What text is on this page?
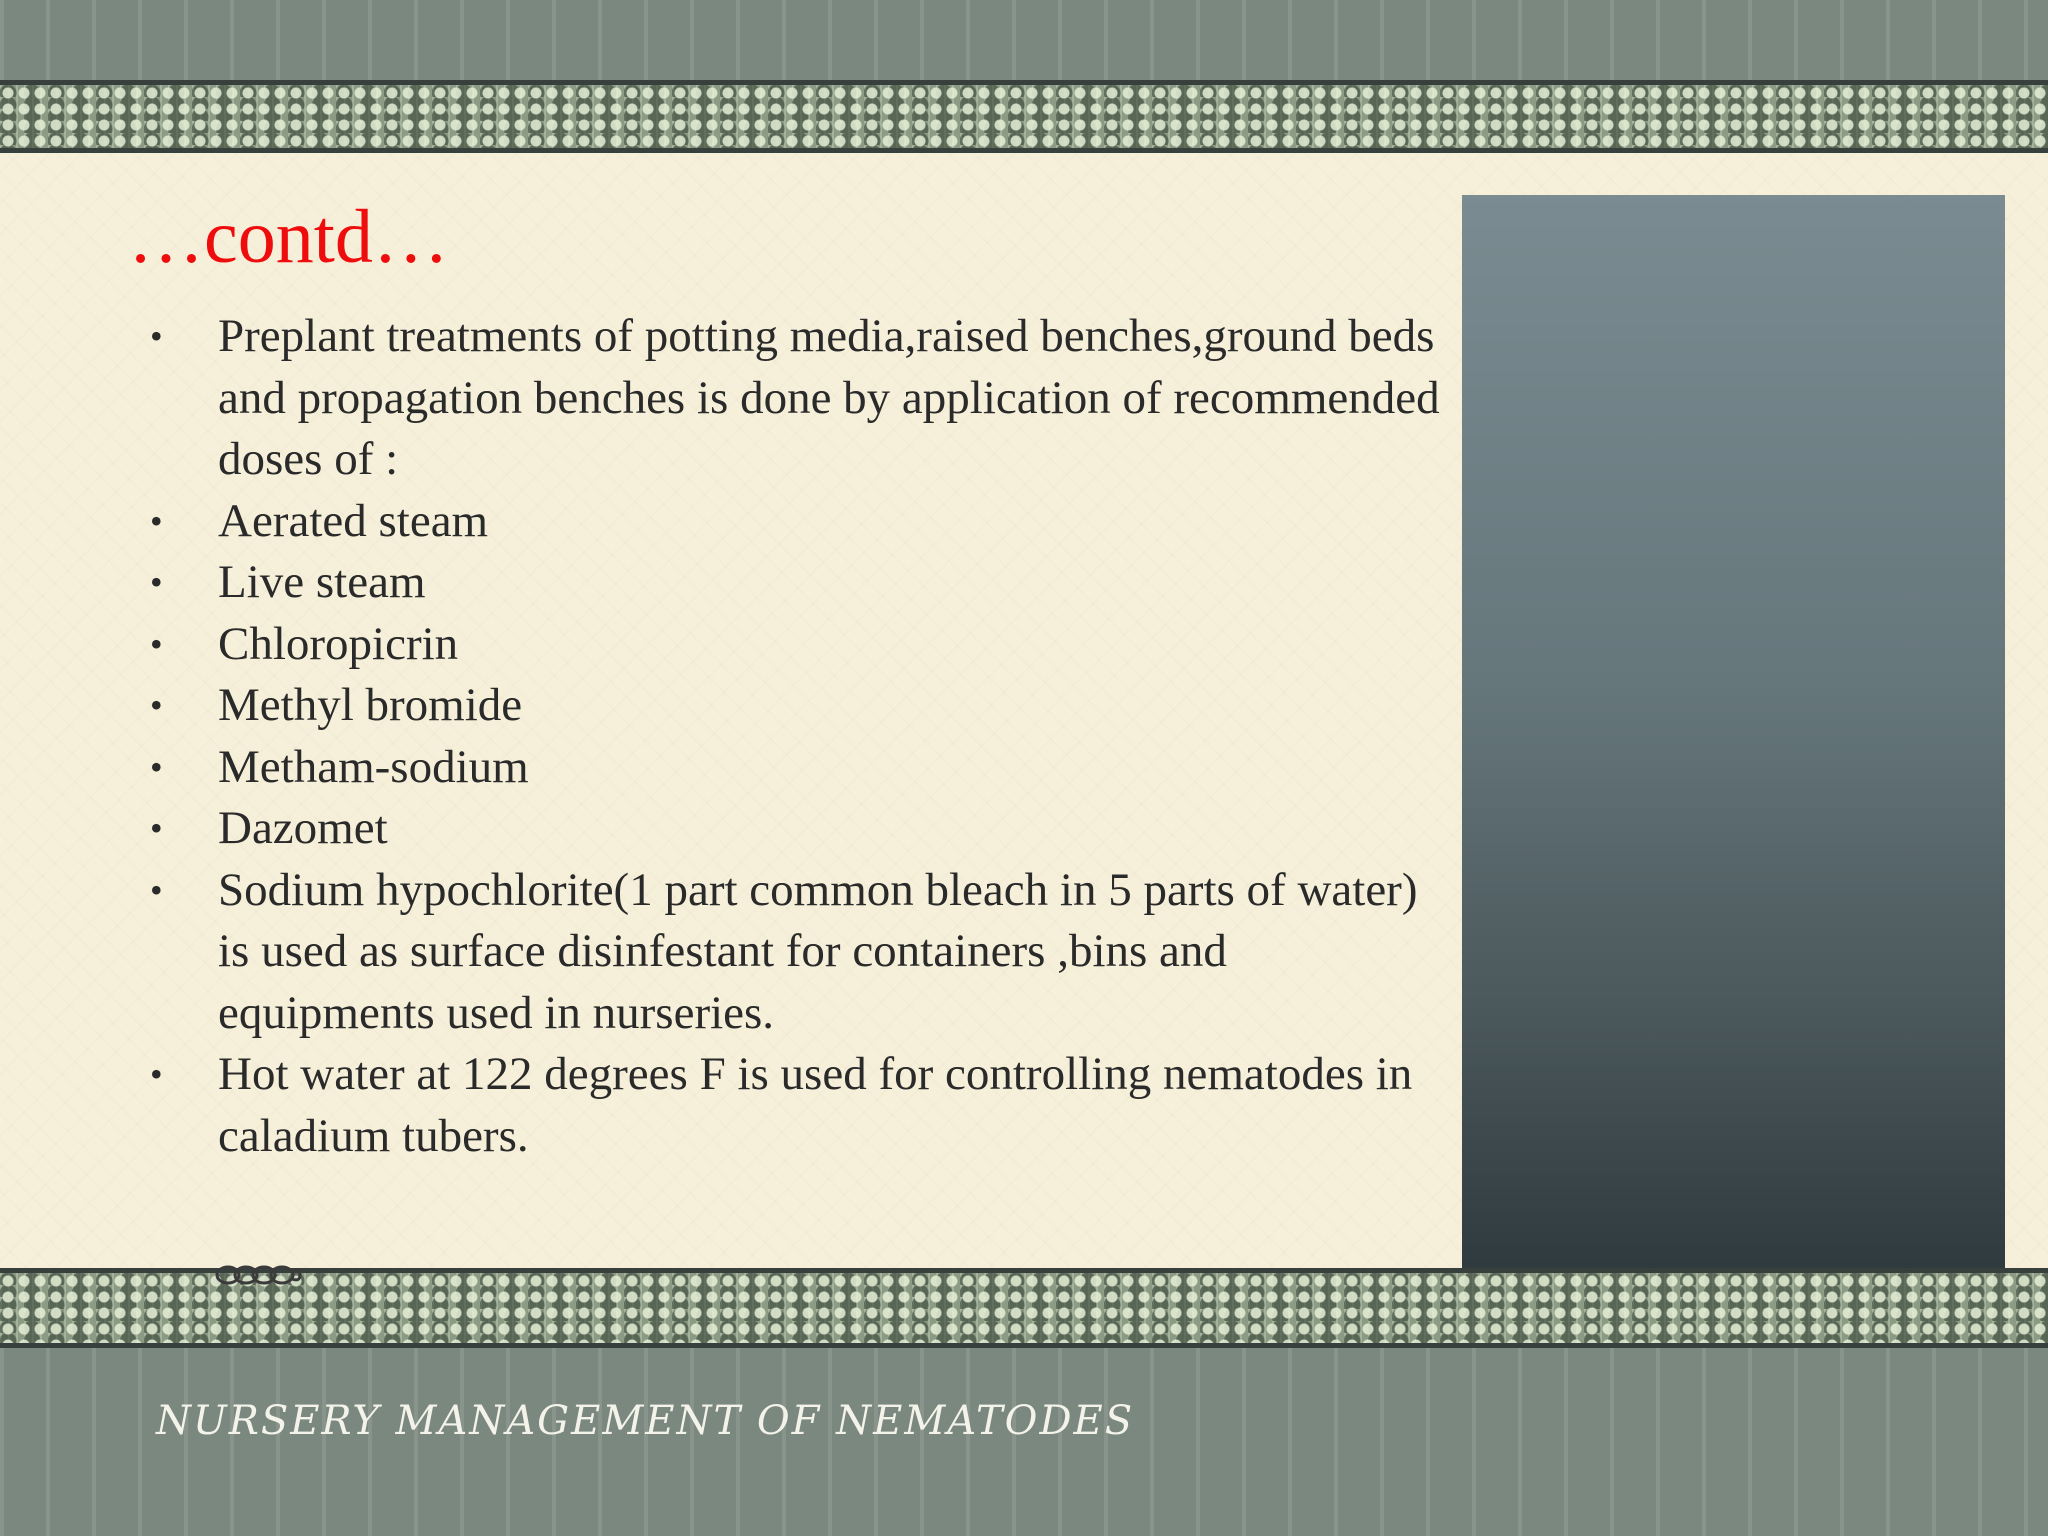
…contd…
•	Preplant treatments of potting media,raised benches,ground beds and propagation benches is done by application of recommended doses of :
•	Aerated steam
•	Live steam
•	Chloropicrin
•	Methyl bromide
•	Metham-sodium
•	Dazomet
•	Sodium hypochlorite(1 part common bleach in 5 parts of water) is used as surface disinfestant for containers ,bins and equipments used in nurseries.
•	Hot water at 122 degrees F is used for controlling nematodes in caladium tubers.
NURSERY MANAGEMENT OF NEMATODES
